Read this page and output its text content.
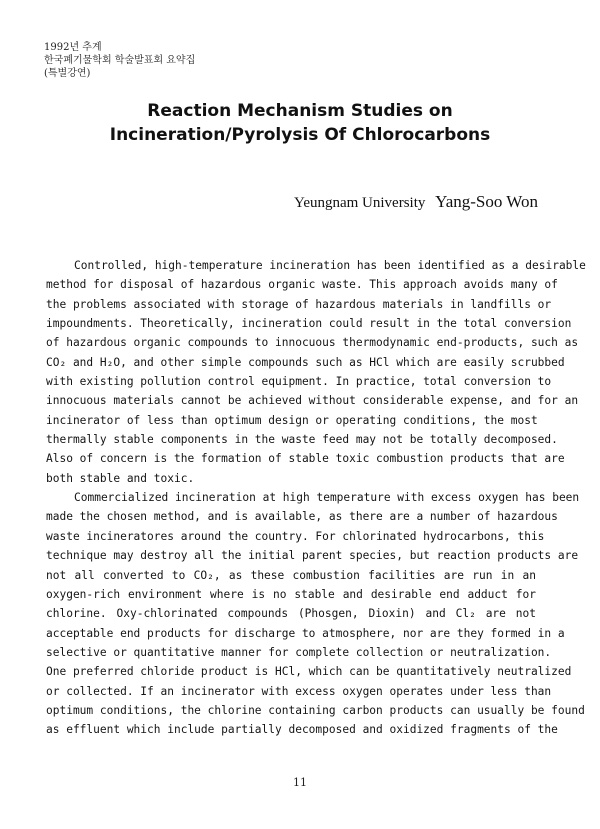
1992년 추계
한국폐기물학회 학술발표회 요약집
(특별강연)
Reaction Mechanism Studies on
Incineration/Pyrolysis Of Chlorocarbons
Yeungnam University Yang-Soo Won
Controlled, high-temperature incineration has been identified as a desirable
method for disposal of hazardous organic waste. This approach avoids many of
the problems associated with storage of hazardous materials in landfills or
impoundments. Theoretically, incineration could result in the total conversion
of hazardous organic compounds to innocuous thermodynamic end-products, such as
CO₂ and H₂O, and other simple compounds such as HCl which are easily scrubbed
with existing pollution control equipment. In practice, total conversion to
innocuous materials cannot be achieved without considerable expense, and for an
incinerator of less than optimum design or operating conditions, the most
thermally stable components in the waste feed may not be totally decomposed.
Also of concern is the formation of stable toxic combustion products that are
both stable and toxic.
Commercialized incineration at high temperature with excess oxygen has been
made the chosen method, and is available, as there are a number of hazardous
waste incineratores around the country. For chlorinated hydrocarbons, this
technique may destroy all the initial parent species, but reaction products are
not all converted to CO₂, as these combustion facilities are run in an
oxygen-rich environment where is no stable and desirable end adduct for
chlorine. Oxy-chlorinated compounds (Phosgen, Dioxin) and Cl₂ are not
acceptable end products for discharge to atmosphere, nor are they formed in a
selective or quantitative manner for complete collection or neutralization.
One preferred chloride product is HCl, which can be quantitatively neutralized
or collected. If an incinerator with excess oxygen operates under less than
optimum conditions, the chlorine containing carbon products can usually be found
as effluent which include partially decomposed and oxidized fragments of the
11
